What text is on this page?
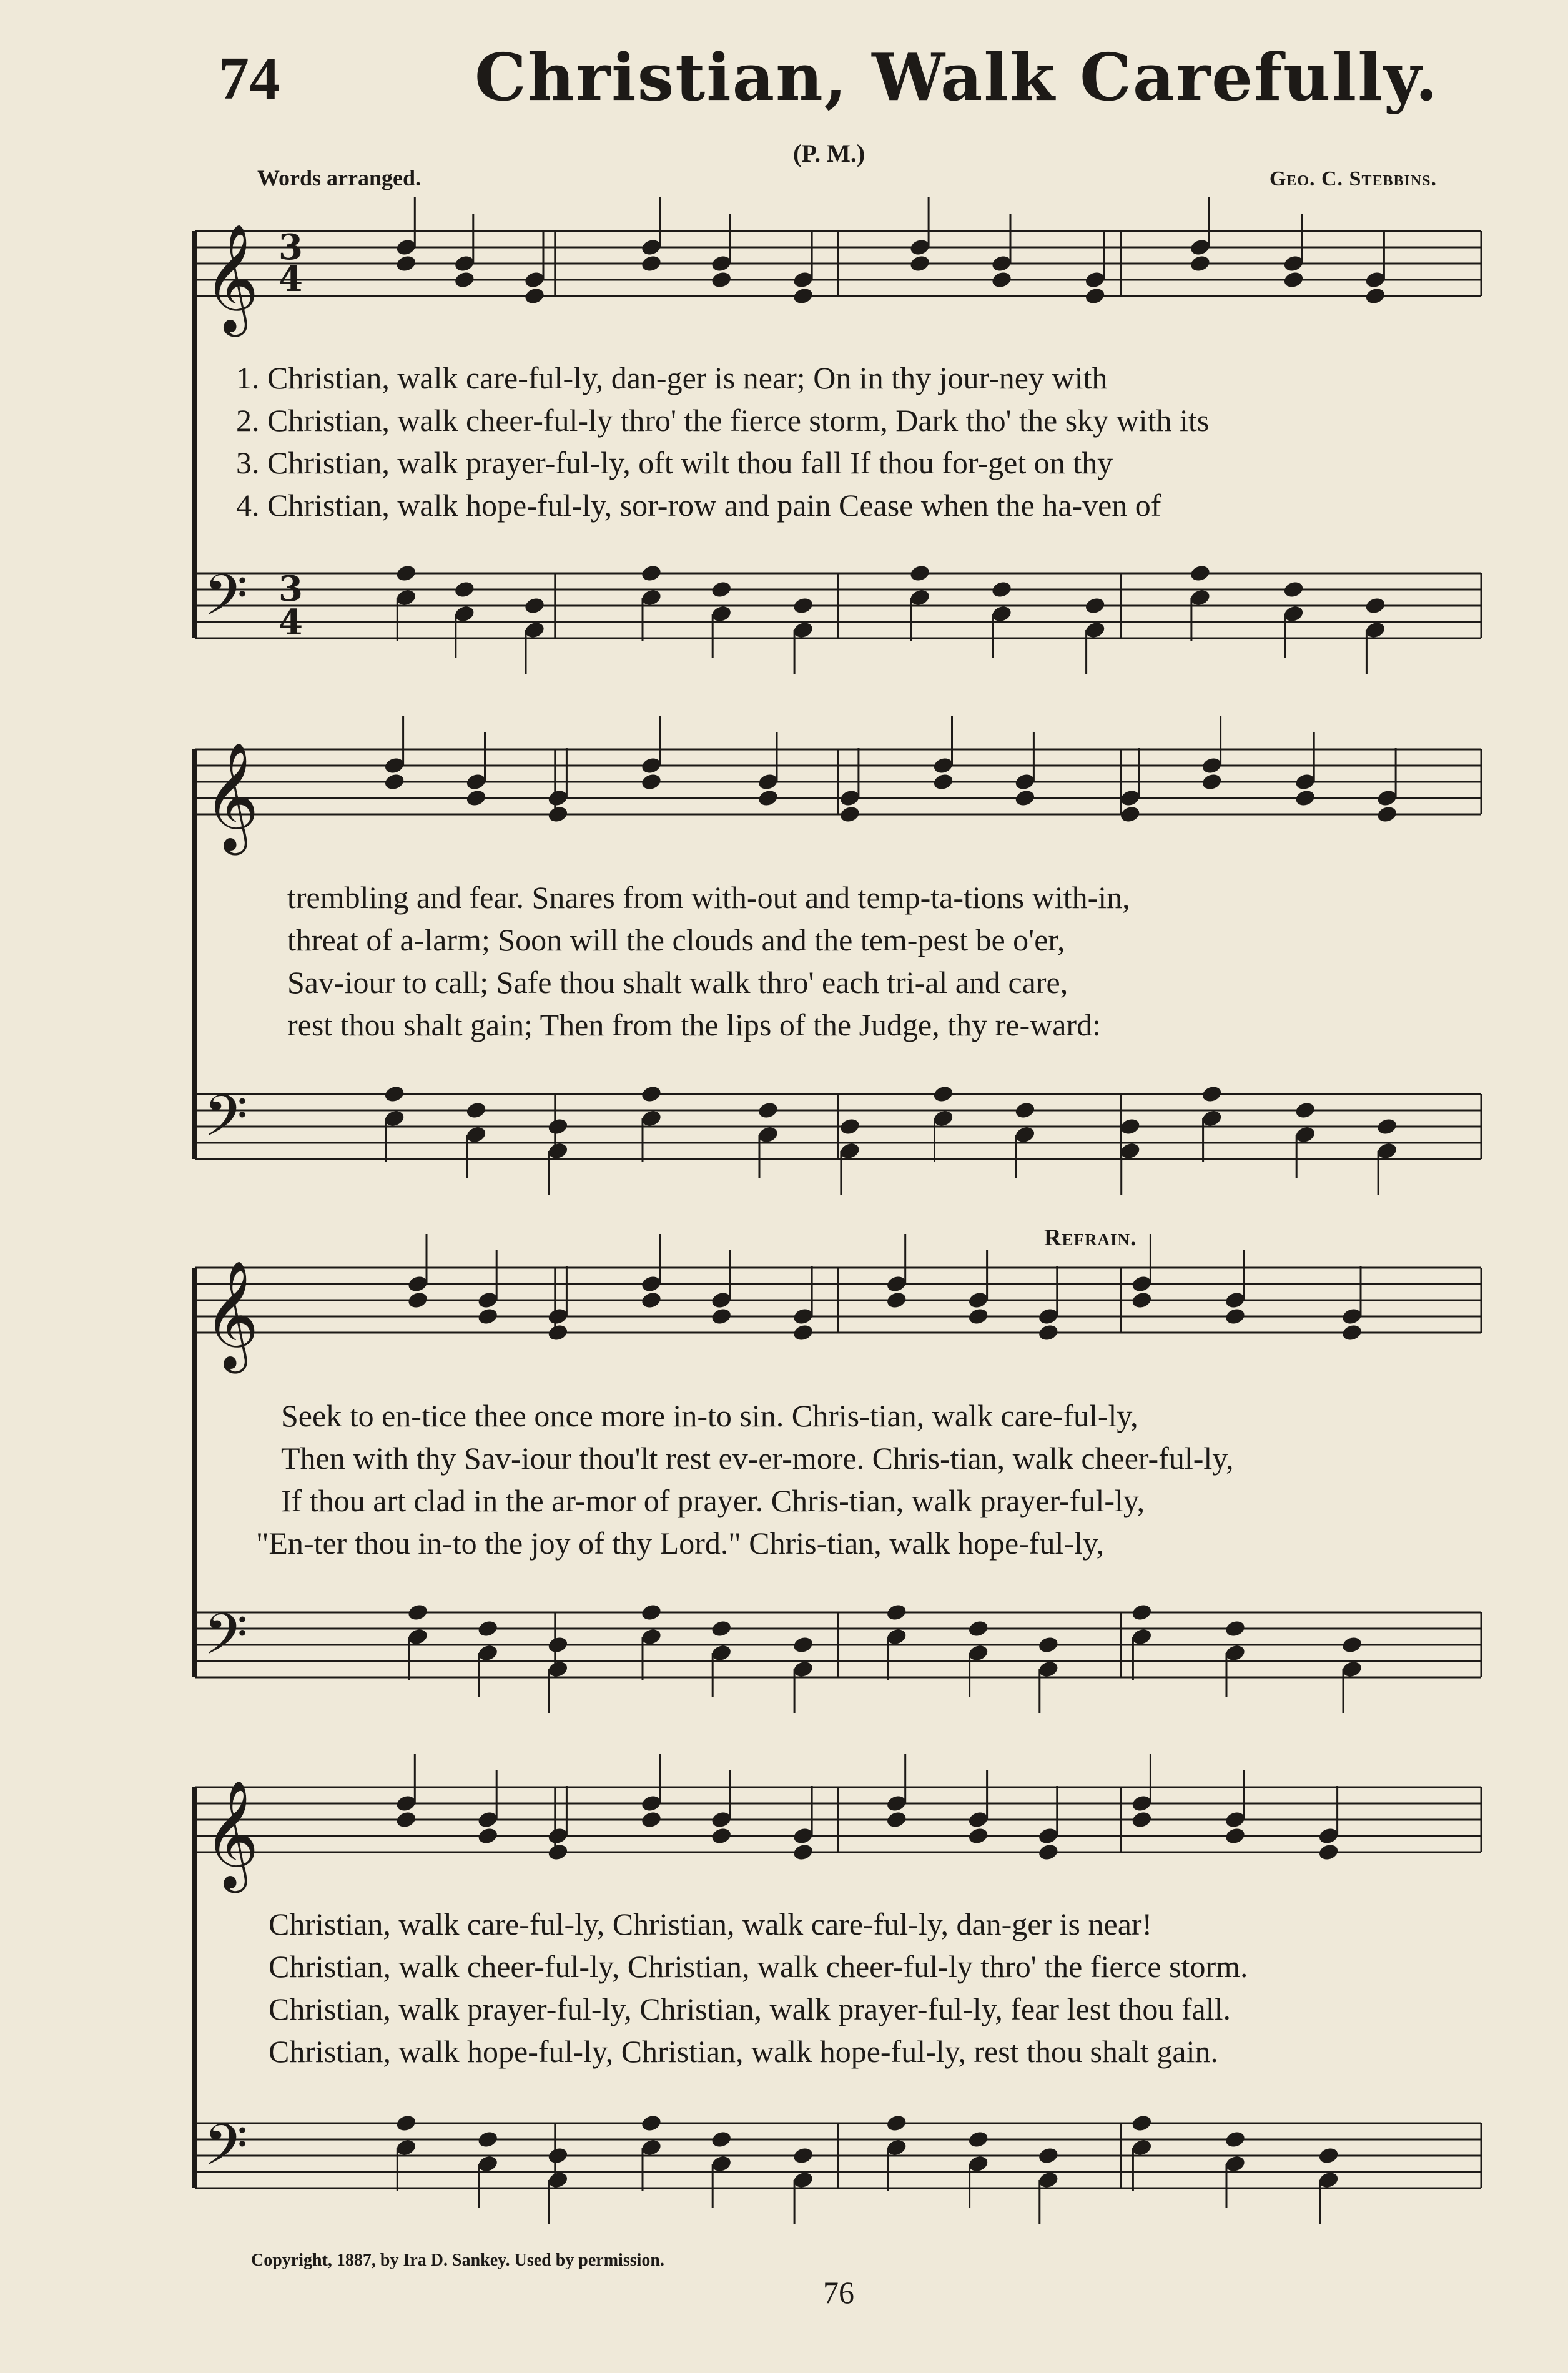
74	Christian, Walk Carefully.
(P. M.)
Words arranged.	Geo. C. Stebbins.
Refrain.
𝄞
𝄢
𝄞
𝄢
𝄞
𝄢
𝄞
𝄢
3
4
3
4
1. Christian, walk care-ful-ly, dan-ger is near; On in thy jour-ney with
2. Christian, walk cheer-ful-ly thro' the fierce storm, Dark tho' the sky with its
3. Christian, walk prayer-ful-ly, oft wilt thou fall If thou for-get on thy
4. Christian, walk hope-ful-ly, sor-row and pain Cease when the ha-ven of
trembling and fear. Snares from with-out and temp-ta-tions with-in,
threat of a-larm; Soon will the clouds and the tem-pest be o'er,
Sav-iour to call; Safe thou shalt walk thro' each tri-al and care,
rest thou shalt gain; Then from the lips of the Judge, thy re-ward:
Seek to en-tice thee once more in-to sin. Chris-tian, walk care-ful-ly,
Then with thy Sav-iour thou'lt rest ev-er-more. Chris-tian, walk cheer-ful-ly,
If thou art clad in the ar-mor of prayer. Chris-tian, walk prayer-ful-ly,
"En-ter thou in-to the joy of thy Lord." Chris-tian, walk hope-ful-ly,
Christian, walk care-ful-ly, Christian, walk care-ful-ly, dan-ger is near!
Christian, walk cheer-ful-ly, Christian, walk cheer-ful-ly thro' the fierce storm.
Christian, walk prayer-ful-ly, Christian, walk prayer-ful-ly, fear lest thou fall.
Christian, walk hope-ful-ly, Christian, walk hope-ful-ly, rest thou shalt gain.
Copyright, 1887, by Ira D. Sankey. Used by permission.
76
